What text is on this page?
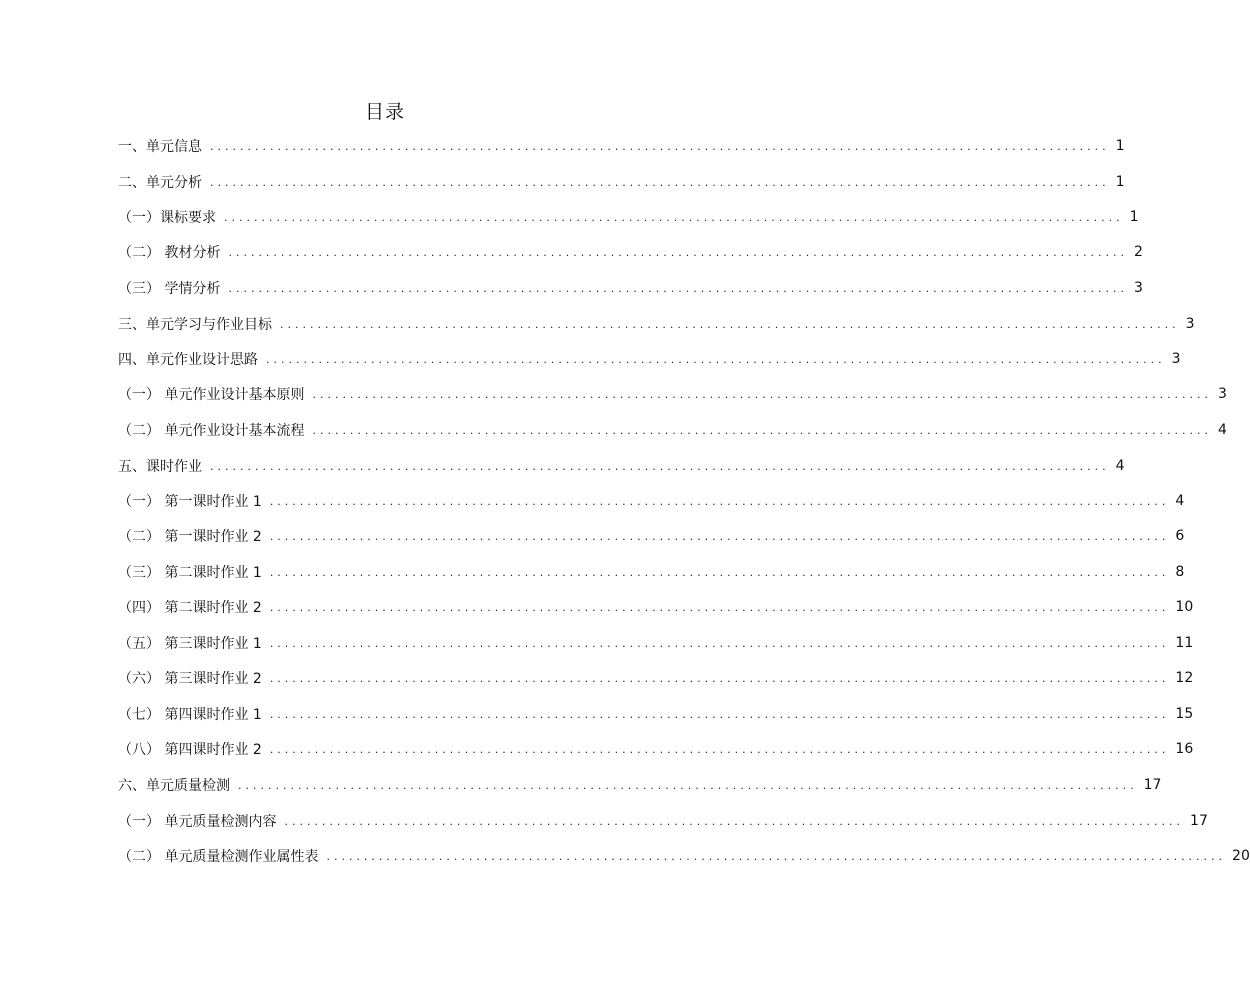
目录
一、单元信息 ........................................................................................................................ 1
二、单元分析 ........................................................................................................................ 1
（一）课标要求 ........................................................................................................................ 1
（二） 教材分析 ........................................................................................................................ 2
（三） 学情分析 ........................................................................................................................ 3
三、单元学习与作业目标 ........................................................................................................................ 3
四、单元作业设计思路 ........................................................................................................................ 3
（一） 单元作业设计基本原则 ........................................................................................................................ 3
（二） 单元作业设计基本流程 ........................................................................................................................ 4
五、课时作业 ........................................................................................................................ 4
（一） 第一课时作业 1 ........................................................................................................................ 4
（二） 第一课时作业 2 ........................................................................................................................ 6
（三） 第二课时作业 1 ........................................................................................................................ 8
（四） 第二课时作业 2 ........................................................................................................................ 10
（五） 第三课时作业 1 ........................................................................................................................ 11
（六） 第三课时作业 2 ........................................................................................................................ 12
（七） 第四课时作业 1 ........................................................................................................................ 15
（八） 第四课时作业 2 ........................................................................................................................ 16
六、单元质量检测 ........................................................................................................................ 17
（一） 单元质量检测内容 ........................................................................................................................ 17
（二） 单元质量检测作业属性表 ........................................................................................................................ 20
